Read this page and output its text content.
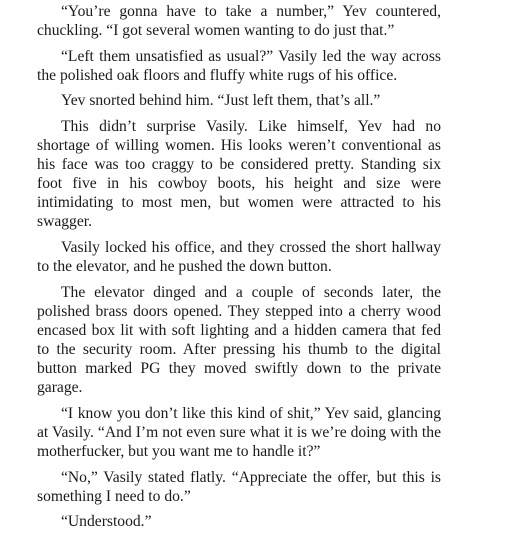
“You’re gonna have to take a number,” Yev countered, chuckling. “I got several women wanting to do just that.”

“Left them unsatisfied as usual?” Vasily led the way across the polished oak floors and fluffy white rugs of his office.

Yev snorted behind him. “Just left them, that’s all.”

This didn’t surprise Vasily. Like himself, Yev had no shortage of willing women. His looks weren’t conventional as his face was too craggy to be considered pretty. Standing six foot five in his cowboy boots, his height and size were intimidating to most men, but women were attracted to his swagger.

Vasily locked his office, and they crossed the short hallway to the elevator, and he pushed the down button.

The elevator dinged and a couple of seconds later, the polished brass doors opened. They stepped into a cherry wood encased box lit with soft lighting and a hidden camera that fed to the security room. After pressing his thumb to the digital button marked PG they moved swiftly down to the private garage.

“I know you don’t like this kind of shit,” Yev said, glancing at Vasily. “And I’m not even sure what it is we’re doing with the motherfucker, but you want me to handle it?”

“No,” Vasily stated flatly. “Appreciate the offer, but this is something I need to do.”

“Understood.”
